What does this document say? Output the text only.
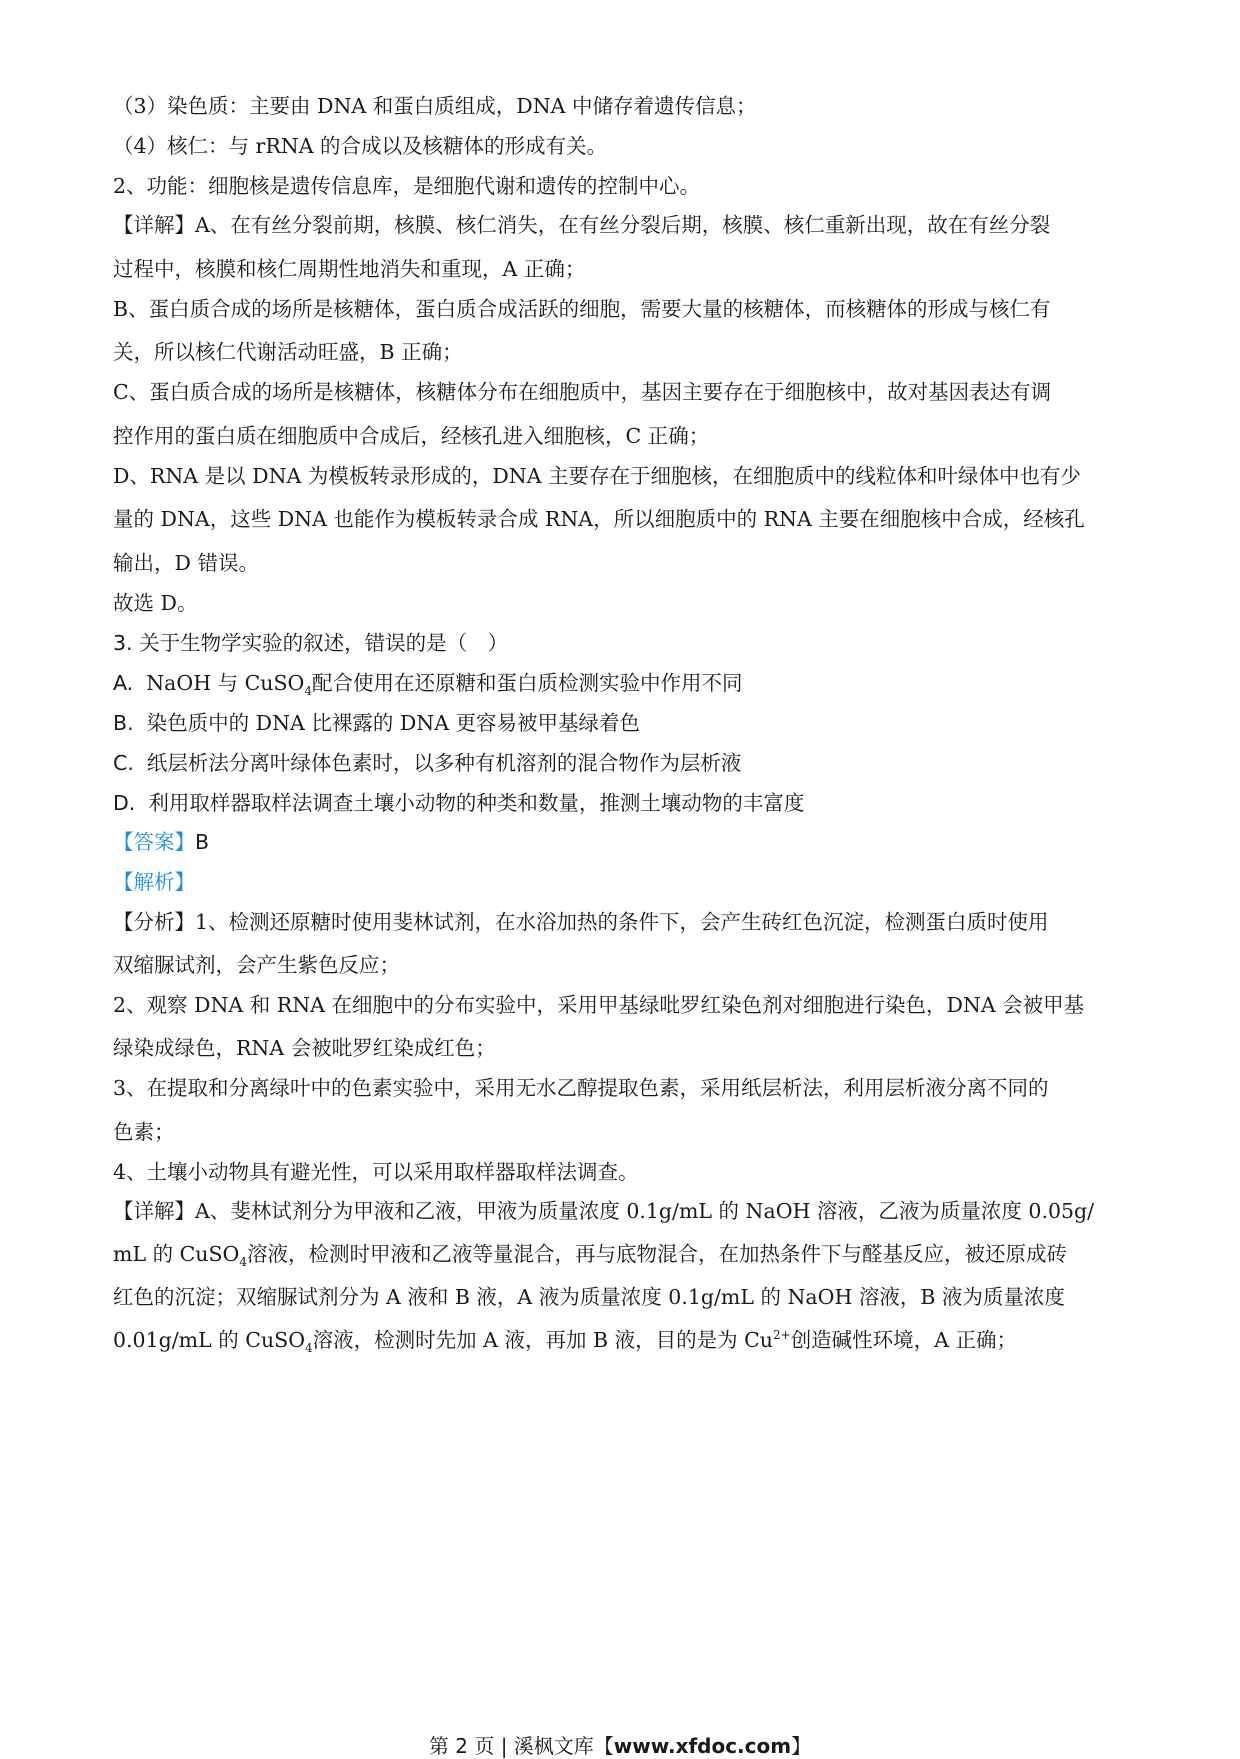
（3）染色质：主要由 DNA 和蛋白质组成，DNA 中储存着遗传信息；
（4）核仁：与 rRNA 的合成以及核糖体的形成有关。
2、功能：细胞核是遗传信息库，是细胞代谢和遗传的控制中心。
【详解】A、在有丝分裂前期，核膜、核仁消失，在有丝分裂后期，核膜、核仁重新出现，故在有丝分裂
过程中，核膜和核仁周期性地消失和重现，A 正确；
B、蛋白质合成的场所是核糖体，蛋白质合成活跃的细胞，需要大量的核糖体，而核糖体的形成与核仁有
关，所以核仁代谢活动旺盛，B 正确；
C、蛋白质合成的场所是核糖体，核糖体分布在细胞质中，基因主要存在于细胞核中，故对基因表达有调
控作用的蛋白质在细胞质中合成后，经核孔进入细胞核，C 正确；
D、RNA 是以 DNA 为模板转录形成的，DNA 主要存在于细胞核，在细胞质中的线粒体和叶绿体中也有少
量的 DNA，这些 DNA 也能作为模板转录合成 RNA，所以细胞质中的 RNA 主要在细胞核中合成，经核孔
输出，D 错误。
故选 D。
3. 关于生物学实验的叙述，错误的是（　）
A. NaOH 与 CuSO$_4$配合使用在还原糖和蛋白质检测实验中作用不同
B. 染色质中的 DNA 比裸露的 DNA 更容易被甲基绿着色
C. 纸层析法分离叶绿体色素时，以多种有机溶剂的混合物作为层析液
D. 利用取样器取样法调查土壤小动物的种类和数量，推测土壤动物的丰富度
【答案】B
【解析】
【分析】1、检测还原糖时使用斐林试剂，在水浴加热的条件下，会产生砖红色沉淀，检测蛋白质时使用
双缩脲试剂，会产生紫色反应；
2、观察 DNA 和 RNA 在细胞中的分布实验中，采用甲基绿吡罗红染色剂对细胞进行染色，DNA 会被甲基
绿染成绿色，RNA 会被吡罗红染成红色；
3、在提取和分离绿叶中的色素实验中，采用无水乙醇提取色素，采用纸层析法，利用层析液分离不同的
色素；
4、土壤小动物具有避光性，可以采用取样器取样法调查。
【详解】A、斐林试剂分为甲液和乙液，甲液为质量浓度 0.1g/mL 的 NaOH 溶液，乙液为质量浓度 0.05g/
mL 的 CuSO$_4$溶液，检测时甲液和乙液等量混合，再与底物混合，在加热条件下与醛基反应，被还原成砖
红色的沉淀；双缩脲试剂分为 A 液和 B 液，A 液为质量浓度 0.1g/mL 的 NaOH 溶液，B 液为质量浓度
0.01g/mL 的 CuSO$_4$溶液，检测时先加 A 液，再加 B 液，目的是为 $Cu^{2+}$创造碱性环境，A 正确；
第 2 页 | 溪枫文库【www.xfdoc.com】
